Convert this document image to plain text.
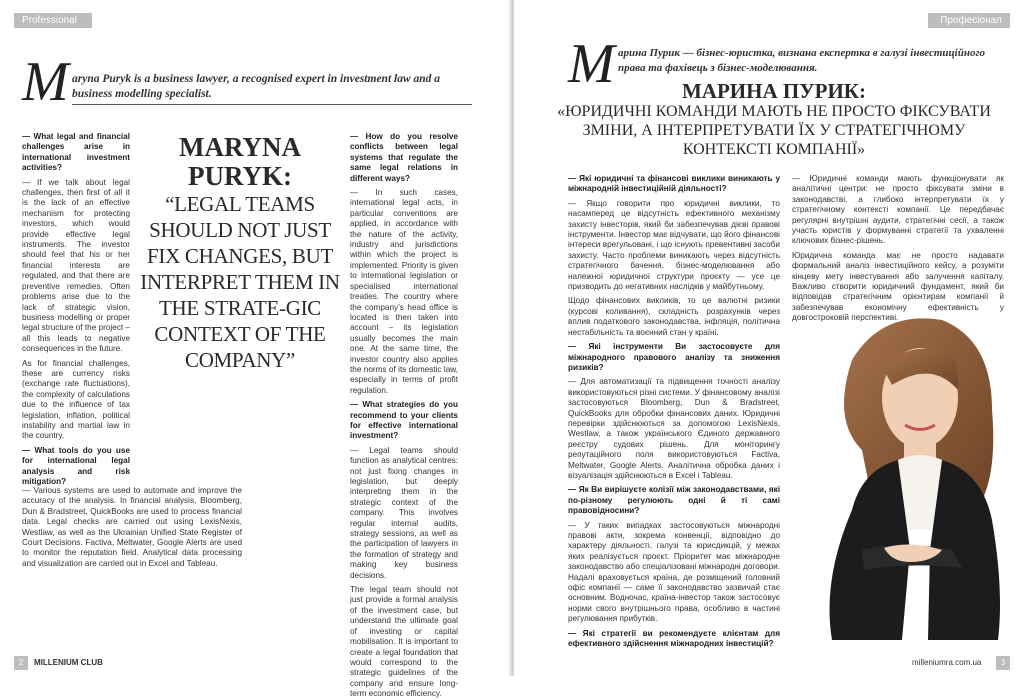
Professional
M aryna Puryk is a business lawyer, a recognised expert in investment law and a business modelling specialist.

— What legal and financial challenges arise in international investment activities?

— If we talk about legal challenges, then first of all it is the lack of an effective mechanism for protecting investors, which would provide effective legal instruments. The investor should feel that his or her financial interests are regulated, and that there are preventive remedies. Often problems arise due to the lack of strategic vision, business modelling or proper legal structure of the project – all this leads to negative consequences in the future.

As for financial challenges, these are currency risks (exchange rate fluctuations), the complexity of calculations due to the influence of tax legislation, inflation, political instability and martial law in the country.

— What tools do you use for international legal analysis and risk mitigation?

MARYNA
PURYK:
“LEGAL TEAMS SHOULD NOT JUST FIX CHANGES, BUT INTERPRET THEM IN THE STRATE-GIC CONTEXT OF THE COMPANY”

— How do you resolve conflicts between legal systems that regulate the same legal relations in different ways?

— In such cases, international legal acts, in particular conventions are applied, in accordance with the nature of the activity, industry and jurisdictions within which the project is implemented. Priority is given to international legislation or specialised international treaties. The country where the company’s head office is located is then taken into account – its legislation usually becomes the main one. At the same time, the investor country also applies the norms of its domestic law, especially in terms of profit regulation.

— What strategies do you recommend to your clients for effective international investment?

— Legal teams should function as analytical centres: not just fixing changes in legislation, but deeply interpreting them in the strategic context of the company. This involves regular internal audits, strategy sessions, as well as the participation of lawyers in the formation of strategy and making key business decisions.

The legal team should not just provide a formal analysis of the investment case, but understand the ultimate goal of investing or capital mobilisation. It is important to create a legal foundation that would correspond to the strategic guidelines of the company and ensure long-term economic efficiency.

— Various systems are used to automate and improve the accuracy of the analysis. In financial analysis, Bloomberg, Dun & Bradstreet, QuickBooks are used to process financial data. Legal checks are carried out using LexisNexis, Westlaw, as well as the Ukrainian Unified State Register of Court Decisions. Factiva, Meltwater, Google Alerts are used to monitor the reputation field. Analytical data processing and visualization are carried out in Excel and Tableau.

2	MILLENIUM CLUB
Професіонал
M арина Пурик — бізнес-юристка, визнана експертка в галузі інвестиційного права та фахівець з бізнес-моделювання.
МАРИНА ПУРИК:
«ЮРИДИЧНІ КОМАНДИ МАЮТЬ НЕ ПРОСТО ФІКСУВАТИ ЗМІНИ, А ІНТЕРПРЕТУВАТИ ЇХ У СТРАТЕГІЧНОМУ КОНТЕКСТІ КОМПАНІЇ»

— Які юридичні та фінансові виклики виникають у міжнародній інвестиційній діяльності?

— Якщо говорити про юридичні виклики, то насамперед це відсутність ефективного механізму захисту інвесторів, який би забезпечував дієві правові інструменти. Інвестор має відчувати, що його фінансові інтереси врегульовані, і що існують превентивні засоби захисту. Часто проблеми виникають через відсутність стратегічного бачення, бізнес-моделювання або належної юридичної структури проєкту — усе це призводить до негативних наслідків у майбутньому.

Щодо фінансових викликів, то це валютні ризики (курсові коливання), складність розрахунків через вплив податкового законодавства, інфляція, політична нестабільність та воєнний стан у країні.

— Які інструменти Ви застосовуєте для міжнародного правового аналізу та зниження ризиків?

— Для автоматизації та підвищення точності аналізу використовуються різні системи. У фінансовому аналізі застосовуються Bloomberg, Dun & Bradstreet, QuickBooks для обробки фінансових даних. Юридичні перевірки здійснюються за допомогою LexisNexis, Westlaw, а також українського Єдиного державного реєстру судових рішень. Для моніторингу репутаційного поля використовуються Factiva, Meltwater, Google Alerts. Аналітична обробка даних і візуалізація здійснюються в Excel і Tableau.

— Як Ви вирішуєте колізії між законодавствами, які по-різному регулюють одні й ті самі правовідносини?

— У таких випадках застосовуються міжнародні правові акти, зокрема конвенції, відповідно до характеру діяльності, галузі та юрисдикцій, у межах яких реалізується проєкт. Пріоритет має міжнародне законодавство або спеціалізовані міжнародні договори. Надалі враховується країна, де розміщений головний офіс компанії — саме її законодавство зазвичай стає основним. Водночас, країна-інвестор також застосовує норми свого внутрішнього права, особливо в частині регулювання прибутків.

— Які стратегії ви рекомендуєте клієнтам для ефективного здійснення міжнародних інвестицій?

— Юридичні команди мають функціонувати як аналітичні центри: не просто фіксувати зміни в законодавстві, а глибоко інтерпретувати їх у стратегічному контексті компанії. Це передбачає регулярні внутрішні аудити, стратегічні сесії, а також участь юристів у формуванні стратегії та ухваленні ключових бізнес-рішень.

Юридична команда має не просто надавати формальний аналіз інвестиційного кейсу, а розуміти кінцеву мету інвестування або залучення капіталу. Важливо створити юридичний фундамент, який би відповідав стратегічним орієнтирам компанії й забезпечував економічну ефективність у довгостроковій перспективі.

milleniumra.com.ua	3
